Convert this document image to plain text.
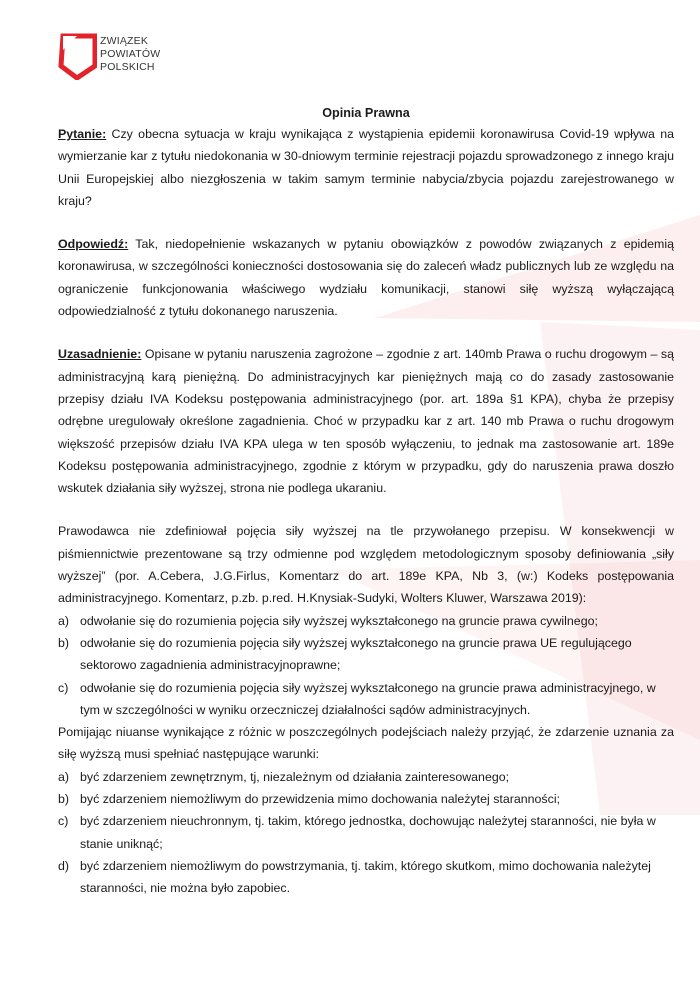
ZWIĄZEK
POWIATÓW
POLSKICH

Opinia Prawna

Pytanie: Czy obecna sytuacja w kraju wynikająca z wystąpienia epidemii koronawirusa Covid-19 wpływa na wymierzanie kar z tytułu niedokonania w 30-dniowym terminie rejestracji pojazdu sprowadzonego z innego kraju Unii Europejskiej albo niezgłoszenia w takim samym terminie nabycia/zbycia pojazdu zarejestrowanego w kraju?

Odpowiedź: Tak, niedopełnienie wskazanych w pytaniu obowiązków z powodów związanych z epidemią koronawirusa, w szczególności konieczności dostosowania się do zaleceń władz publicznych lub ze względu na ograniczenie funkcjonowania właściwego wydziału komunikacji, stanowi siłę wyższą wyłączającą odpowiedzialność z tytułu dokonanego naruszenia.

Uzasadnienie: Opisane w pytaniu naruszenia zagrożone – zgodnie z art. 140mb Prawa o ruchu drogowym – są administracyjną karą pieniężną. Do administracyjnych kar pieniężnych mają co do zasady zastosowanie przepisy działu IVA Kodeksu postępowania administracyjnego (por. art. 189a §1 KPA), chyba że przepisy odrębne uregulowały określone zagadnienia. Choć w przypadku kar z art. 140 mb Prawa o ruchu drogowym większość przepisów działu IVA KPA ulega w ten sposób wyłączeniu, to jednak ma zastosowanie art. 189e Kodeksu postępowania administracyjnego, zgodnie z którym w przypadku, gdy do naruszenia prawa doszło wskutek działania siły wyższej, strona nie podlega ukaraniu.

Prawodawca nie zdefiniował pojęcia siły wyższej na tle przywołanego przepisu. W konsekwencji w piśmiennictwie prezentowane są trzy odmienne pod względem metodologicznym sposoby definiowania „siły wyższej” (por. A.Cebera, J.G.Firlus, Komentarz do art. 189e KPA, Nb 3, (w:) Kodeks postępowania administracyjnego. Komentarz, p.zb. p.red. H.Knysiak-Sudyki, Wolters Kluwer, Warszawa 2019):

a) odwołanie się do rozumienia pojęcia siły wyższej wykształconego na gruncie prawa cywilnego;
b) odwołanie się do rozumienia pojęcia siły wyższej wykształconego na gruncie prawa UE regulującego sektorowo zagadnienia administracyjnoprawne;
c) odwołanie się do rozumienia pojęcia siły wyższej wykształconego na gruncie prawa administracyjnego, w tym w szczególności w wyniku orzeczniczej działalności sądów administracyjnych.

Pomijając niuanse wynikające z różnic w poszczególnych podejściach należy przyjąć, że zdarzenie uznania za siłę wyższą musi spełniać następujące warunki:

a) być zdarzeniem zewnętrznym, tj, niezależnym od działania zainteresowanego;
b) być zdarzeniem niemożliwym do przewidzenia mimo dochowania należytej staranności;
c) być zdarzeniem nieuchronnym, tj. takim, którego jednostka, dochowując należytej staranności, nie była w stanie uniknąć;
d) być zdarzeniem niemożliwym do powstrzymania, tj. takim, którego skutkom, mimo dochowania należytej staranności, nie można było zapobiec.
